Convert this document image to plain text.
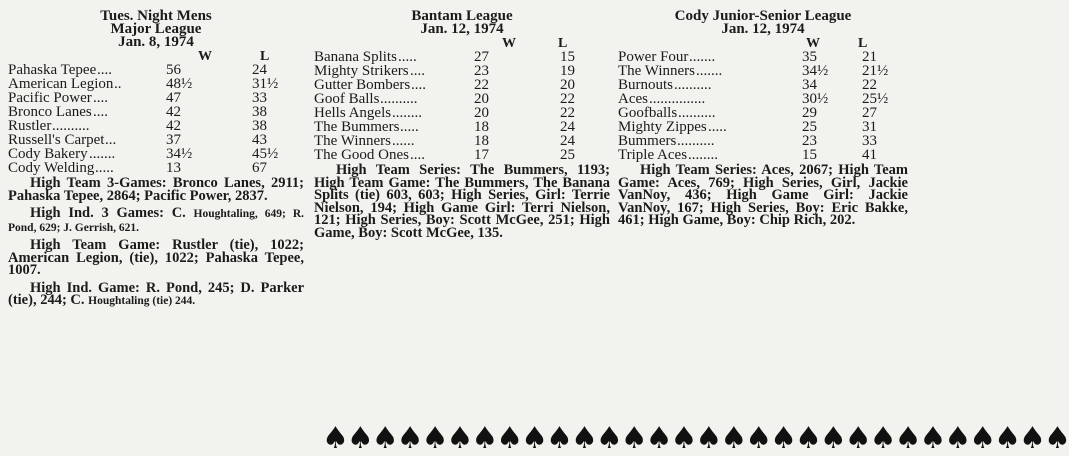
Tues. Night Mens
Major League
Jan. 8, 1974
W	L
Pahaska Tepee ....	56	24
American Legion ..	48½	31½
Pacific Power ....	47	33
Bronco Lanes ....	42	38
Rustler ..........	42	38
Russell's Carpet ...	37	43
Cody Bakery .......	34½	45½
Cody Welding .....	13	67

High Team 3-Games: Bronco Lanes, 2911; Pahaska Tepee, 2864; Pacific Power, 2837.

High Ind. 3 Games: C. Houghtaling, 649; R. Pond, 629; J. Gerrish, 621.

High Team Game: Rustler (tie), 1022; American Legion, (tie), 1022; Pahaska Tepee, 1007.

High Ind. Game: R. Pond, 245; D. Parker (tie), 244; C. Houghtaling (tie) 244.

Bantam League
Jan. 12, 1974
W	L
Banana Splits .....	27	15
Mighty Strikers ....	23	19
Gutter Bombers ....	22	20
Goof Balls ..........	20	22
Hells Angels ........	20	22
The Bummers .....	18	24
The Winners ......	18	24
The Good Ones ....	17	25

High Team Series: The Bummers, 1193; High Team Game: The Bummers, The Banana Splits (tie) 603, 603; High Series, Girl: Terrie Nielson, 194; High Game Girl: Terri Nielson, 121; High Series, Boy: Scott McGee, 251; High Game, Boy: Scott McGee, 135.

Cody Junior-Senior League
Jan. 12, 1974
W	L
Power Four .......	35	21
The Winners .......	34½ 21½
Burnouts ..........	34	22
Aces ...............	30½ 25½
Goofballs ..........	29	27
Mighty Zippes .....	25	31
Bummers ..........	23	33
Triple Aces ........	15	41

High Team Series: Aces, 2067; High Team Game: Aces, 769; High Series, Girl, Jackie VanNoy, 436; High Game Girl: Jackie VanNoy, 167; High Series, Boy: Eric Bakke, 461; High Game, Boy: Chip Rich, 202.

♠♠♠♠♠♠♠♠♠♠♠♠♠♠♠♠♠♠♠♠♠♠♠♠♠♠♠♠♠♠
